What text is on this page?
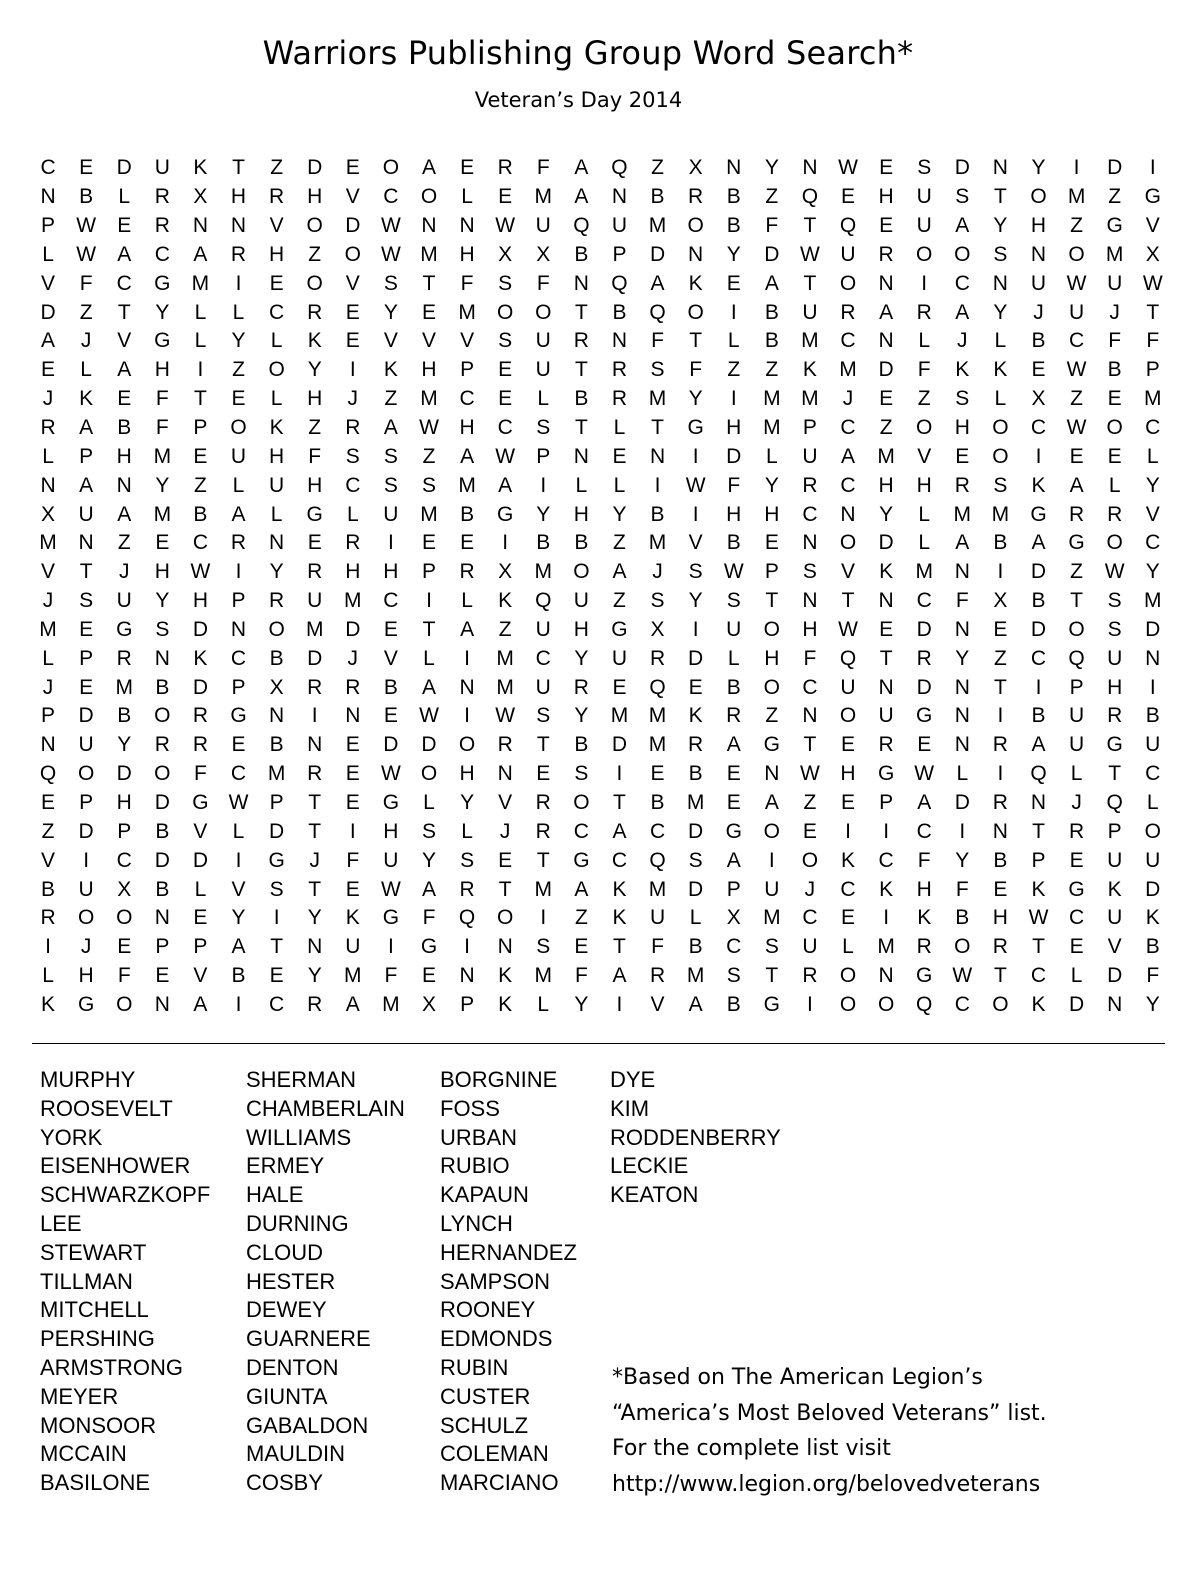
Warriors Publishing Group Word Search*
Veteran’s Day 2014
C	E	D	U	K	T	Z	D	E	O	A	E	R	F	A	Q	Z	X	N	Y	N W	E	S	D	N	Y	I	D	I
N	B	L	R	X	H	R	H	V	C	O	L	E	M	A	N	B	R	B	Z	Q	E	H	U	S	T	O	M	Z	G
P	W	E	R	N	N	V	O	D W N	N W U	Q	U	M	O	B	F	T	Q	E	U	A	Y	H	Z	G	V
L	W	A	C	A	R	H	Z	O W M	H	X	X	B	P	D	N	Y	D W U	R	O	O	S	N	O	M	X
V	F	C	G	M	I	E	O	V	S	T	F	S	F	N	Q	A	K	E	A	T	O	N	I	C	N	U W U W
D	Z	T	Y	L	L	C	R	E	Y	E	M	O	O	T	B	Q	O	I	B	U	R	A	R	A	Y	J	U	J	T
A	J	V	G	L	Y	L	K	E	V	V	V	S	U	R	N	F	T	L	B	M	C	N	L	J	L	B	C	F	F
E	L	A	H	I	Z	O	Y	I	K	H	P	E	U	T	R	S	F	Z	Z	K	M	D	F	K	K	E	W	B	P
J	K	E	F	T	E	L	H	J	Z	M	C	E	L	B	R	M	Y	I	M M	J	E	Z	S	L	X	Z	E	M
R	A	B	F	P	O	K	Z	R	A	W H	C	S	T	L	T	G	H	M	P	C	Z	O	H	O	C W O	C
L	P	H	M	E	U	H	F	S	S	Z	A	W	P	N	E	N	I	D	L	U	A	M	V	E	O	I	E	E	L
N	A	N	Y	Z	L	U	H	C	S	S	M	A	I	L	L	I	W	F	Y	R	C	H	H	R	S	K	A	L	Y
X	U	A	M	B	A	L	G	L	U	M	B	G	Y	H	Y	B	I	H	H	C	N	Y	L	M M	G	R	R	V
M	N	Z	E	C	R	N	E	R	I	E	E	I	B	B	Z	M	V	B	E	N	O	D	L	A	B	A	G	O	C
V	T	J	H W	I	Y	R	H	H	P	R	X	M	O	A	J	S	W	P	S	V	K	M	N	I	D	Z	W	Y
J	S	U	Y	H	P	R	U	M	C	I	L	K	Q	U	Z	S	Y	S	T	N	T	N	C	F	X	B	T	S	M
M	E	G	S	D	N	O	M	D	E	T	A	Z	U	H	G	X	I	U	O	H W	E	D	N	E	D	O	S	D
L	P	R	N	K	C	B	D	J	V	L	I	M	C	Y	U	R	D	L	H	F	Q	T	R	Y	Z	C	Q	U	N
J	E	M	B	D	P	X	R	R	B	A	N	M	U	R	E	Q	E	B	O	C	U	N	D	N	T	I	P	H	I
P	D	B	O	R	G	N	I	N	E	W	I	W	S	Y	M M	K	R	Z	N	O	U	G	N	I	B	U	R	B
N	U	Y	R	R	E	B	N	E	D	D	O	R	T	B	D	M	R	A	G	T	E	R	E	N	R	A	U	G	U
Q	O	D	O	F	C	M	R	E	W O	H	N	E	S	I	E	B	E	N W H	G W	L	I	Q	L	T	C
E	P	H	D	G W	P	T	E	G	L	Y	V	R	O	T	B	M	E	A	Z	E	P	A	D	R	N	J	Q	L
Z	D	P	B	V	L	D	T	I	H	S	L	J	R	C	A	C	D	G	O	E	I	I	C	I	N	T	R	P	O
V	I	C	D	D	I	G	J	F	U	Y	S	E	T	G	C	Q	S	A	I	O	K	C	F	Y	B	P	E	U	U
B	U	X	B	L	V	S	T	E	W	A	R	T	M	A	K	M	D	P	U	J	C	K	H	F	E	K	G	K	D
R	O	O	N	E	Y	I	Y	K	G	F	Q	O	I	Z	K	U	L	X	M	C	E	I	K	B	H W C	U	K
I	J	E	P	P	A	T	N	U	I	G	I	N	S	E	T	F	B	C	S	U	L	M	R	O	R	T	E	V	B
L	H	F	E	V	B	E	Y	M	F	E	N	K	M	F	A	R	M	S	T	R	O	N	G W	T	C	L	D	F
K	G	O	N	A	I	C	R	A	M	X	P	K	L	Y	I	V	A	B	G	I	O	O	Q	C	O	K	D	N	Y
MURPHY
ROOSEVELT
YORK
EISENHOWER
SCHWARZKOPF
LEE
STEWART
TILLMAN
MITCHELL
PERSHING
ARMSTRONG
MEYER
MONSOOR
MCCAIN
BASILONE
SHERMAN
CHAMBERLAIN
WILLIAMS
ERMEY
HALE
DURNING
CLOUD
HESTER
DEWEY
GUARNERE
DENTON
GIUNTA
GABALDON
MAULDIN
COSBY
BORGNINE
FOSS
URBAN
RUBIO
KAPAUN
LYNCH
HERNANDEZ
SAMPSON
ROONEY
EDMONDS
RUBIN
CUSTER
SCHULZ
COLEMAN
MARCIANO
DYE
KIM
RODDENBERRY
LECKIE
KEATON
*Based on The American Legion’s
“America’s Most Beloved Veterans” list.
For the complete list visit
http://www.legion.org/belovedveterans
